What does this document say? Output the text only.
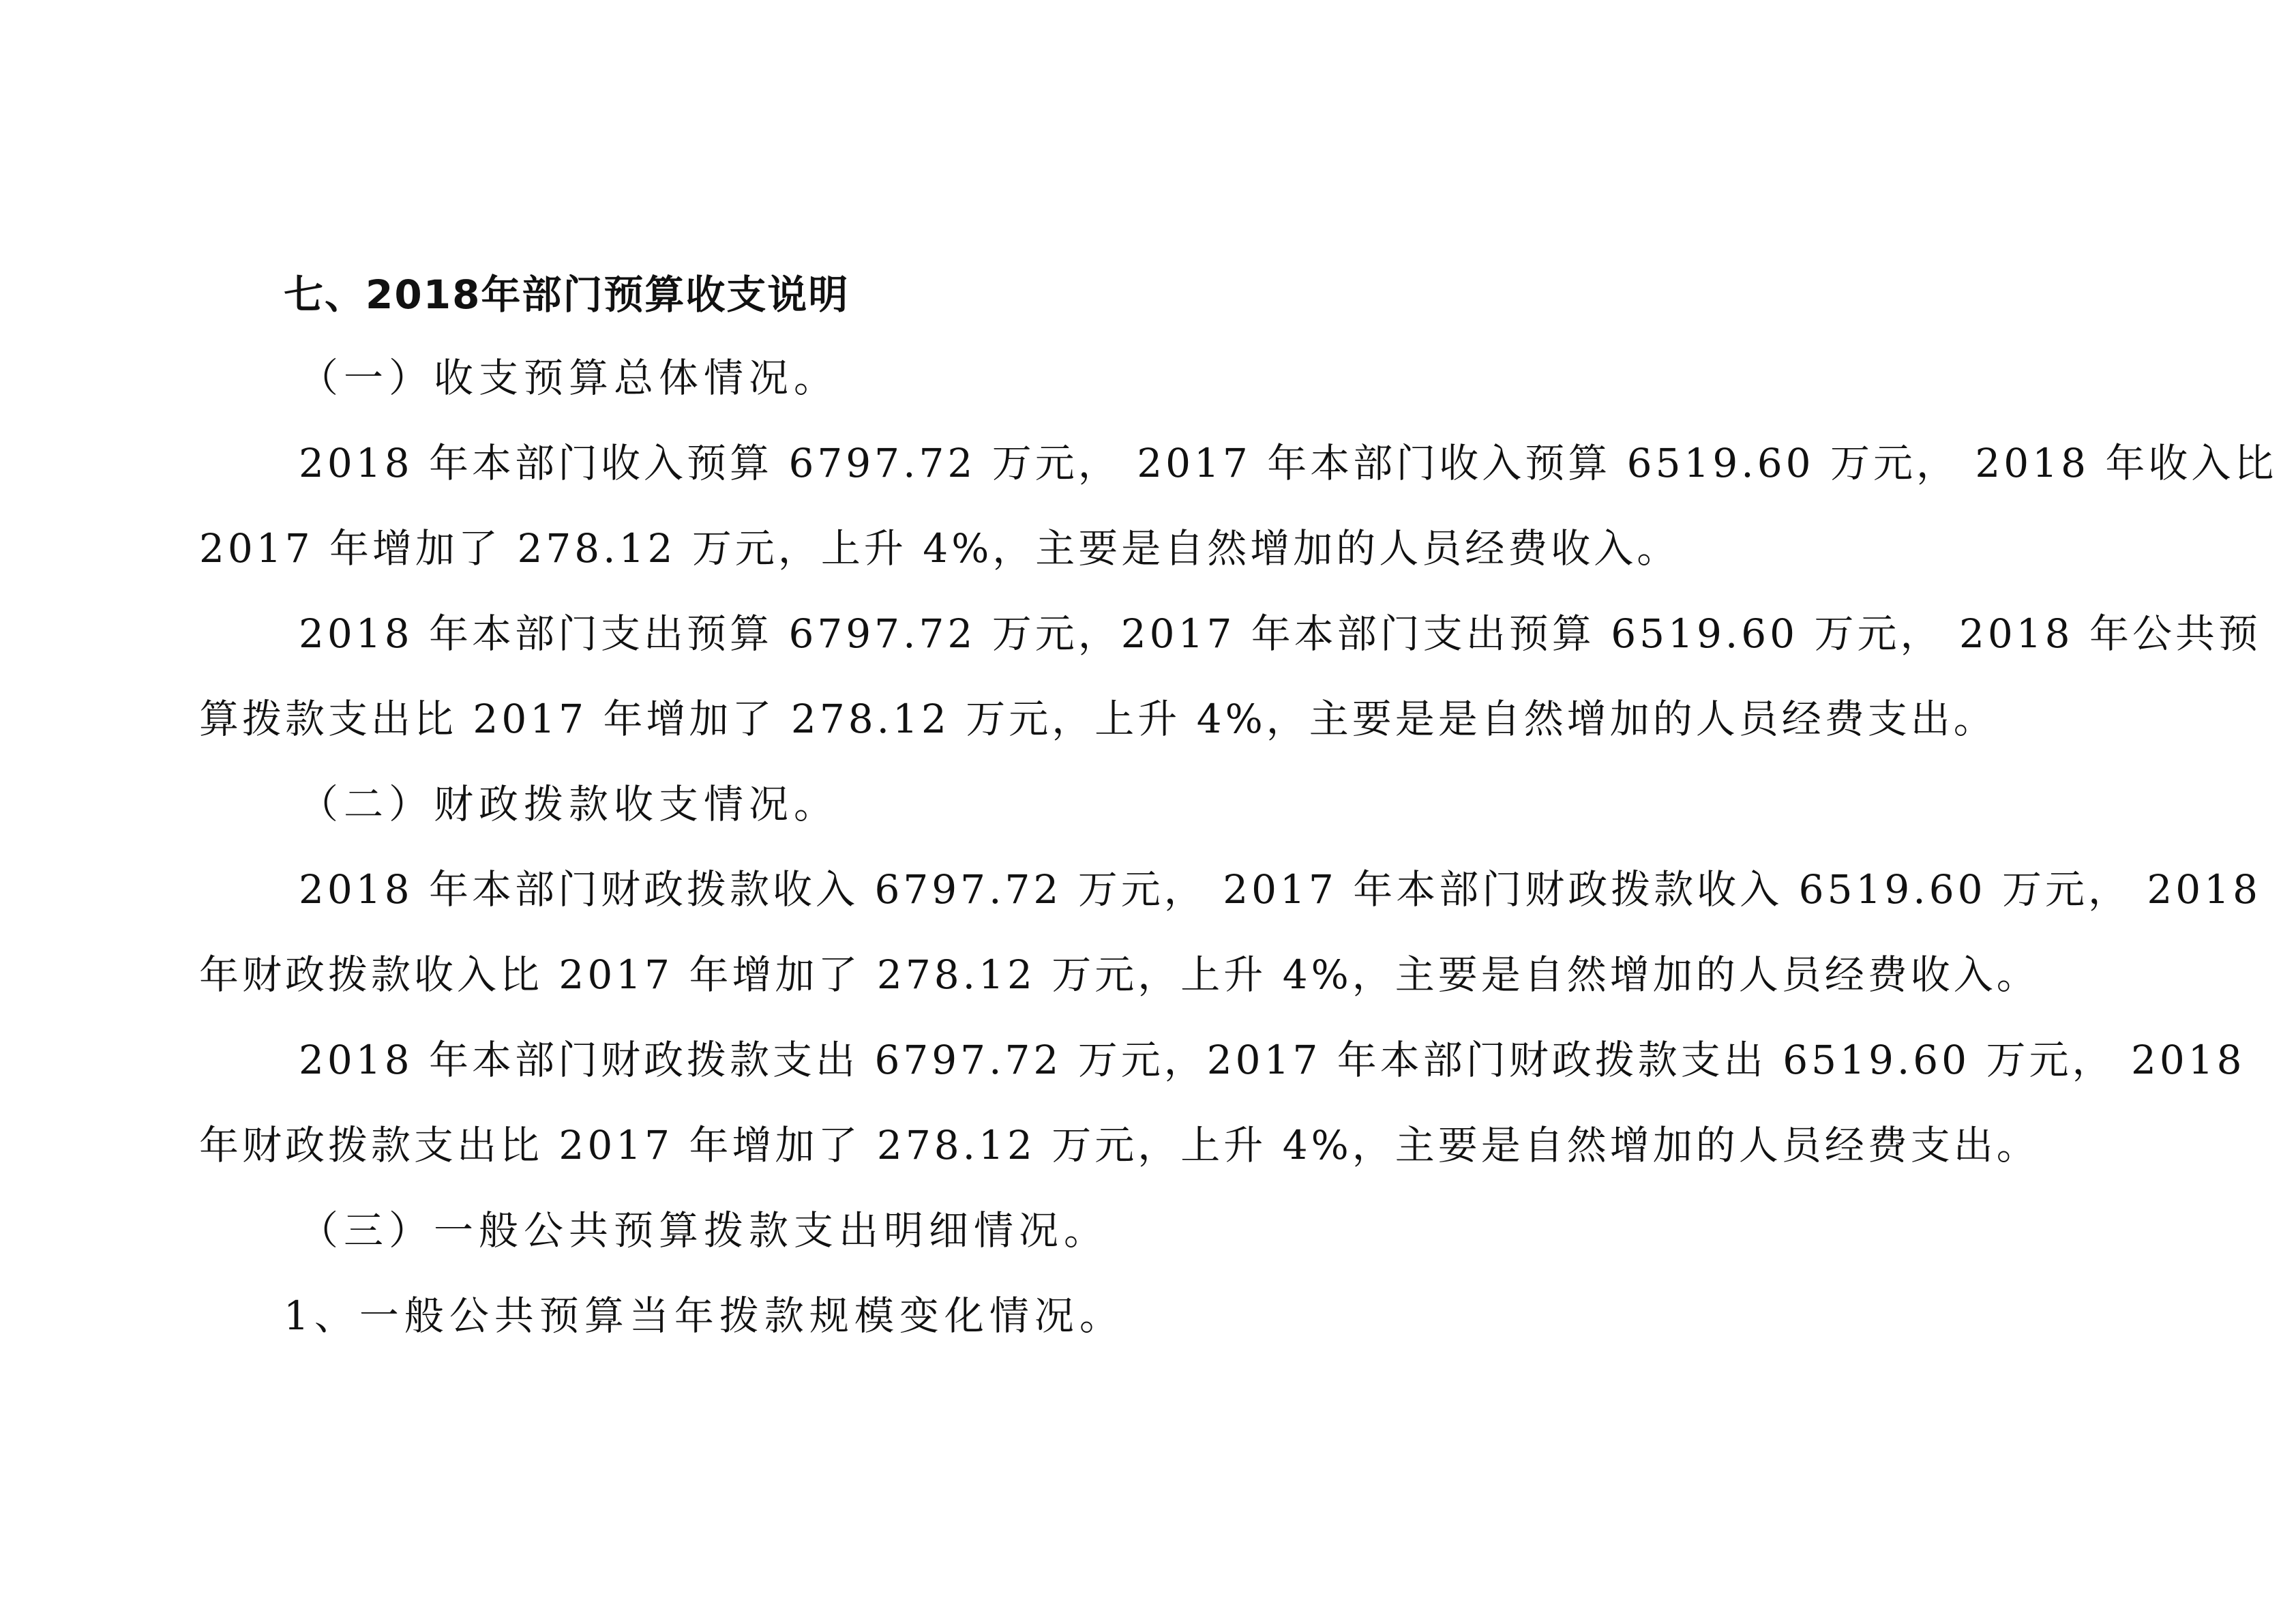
七、2018年部门预算收支说明
（一）收支预算总体情况。
2018 年本部门收入预算 6797.72 万元， 2017 年本部门收入预算 6519.60 万元， 2018 年收入比
2017 年增加了 278.12 万元，上升 4%，主要是自然增加的人员经费收入。
2018 年本部门支出预算 6797.72 万元，2017 年本部门支出预算 6519.60 万元， 2018 年公共预
算拨款支出比 2017 年增加了 278.12 万元，上升 4%，主要是是自然增加的人员经费支出。
（二）财政拨款收支情况。
2018 年本部门财政拨款收入 6797.72 万元， 2017 年本部门财政拨款收入 6519.60 万元， 2018
年财政拨款收入比 2017 年增加了 278.12 万元，上升 4%，主要是自然增加的人员经费收入。
2018 年本部门财政拨款支出 6797.72 万元，2017 年本部门财政拨款支出 6519.60 万元， 2018
年财政拨款支出比 2017 年增加了 278.12 万元，上升 4%，主要是自然增加的人员经费支出。
（三）一般公共预算拨款支出明细情况。
1、一般公共预算当年拨款规模变化情况。
